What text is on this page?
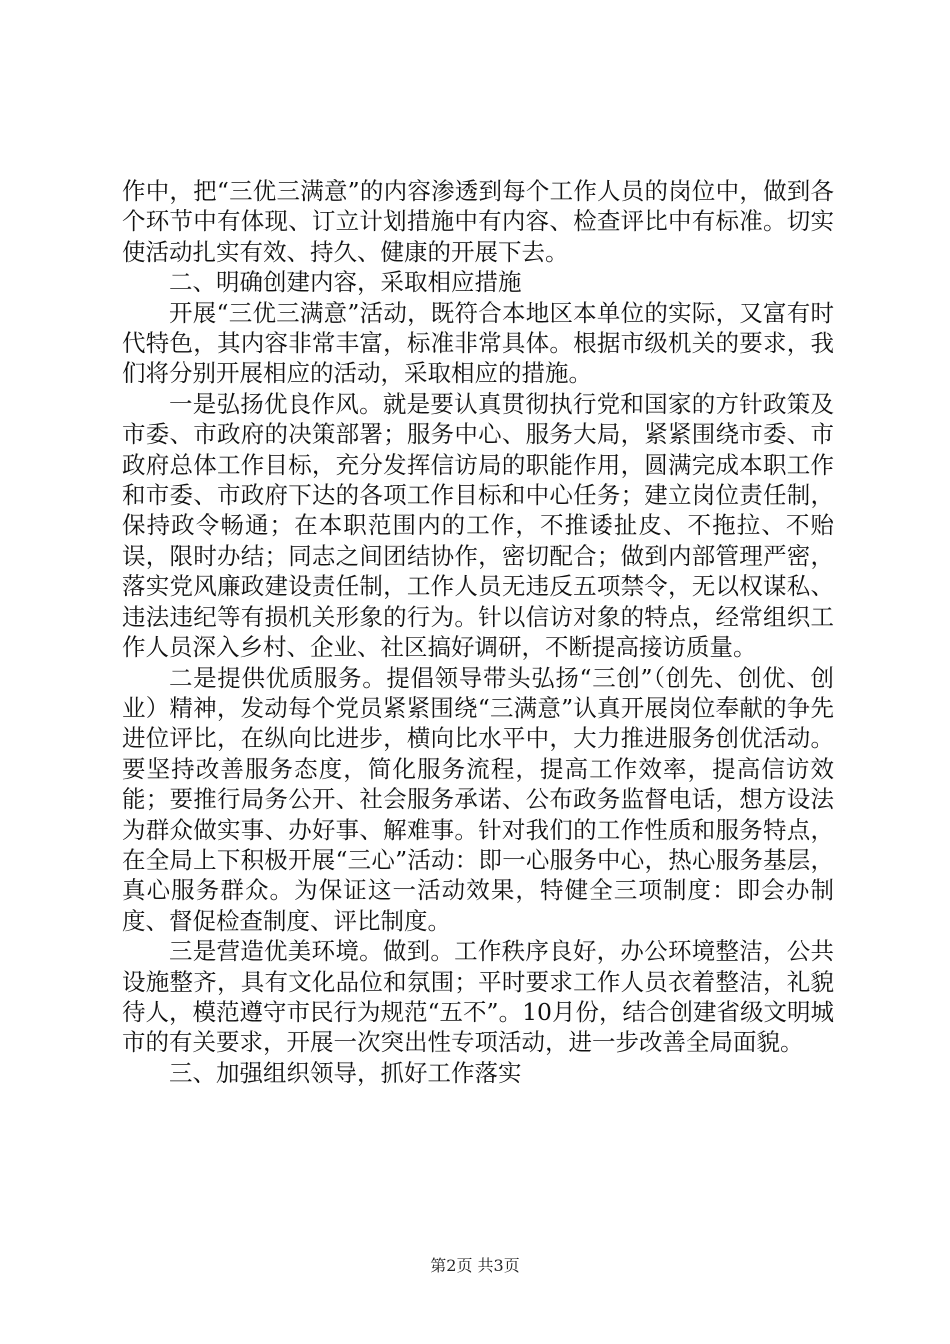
作中，把“三优三满意”的内容渗透到每个工作人员的岗位中，做到各个环节中有体现、订立计划措施中有内容、检查评比中有标准。切实使活动扎实有效、持久、健康的开展下去。

二、明确创建内容，采取相应措施

开展“三优三满意”活动，既符合本地区本单位的实际，又富有时代特色，其内容非常丰富，标准非常具体。根据市级机关的要求，我们将分别开展相应的活动，采取相应的措施。

一是弘扬优良作风。就是要认真贯彻执行党和国家的方针政策及市委、市政府的决策部署；服务中心、服务大局，紧紧围绕市委、市政府总体工作目标，充分发挥信访局的职能作用，圆满完成本职工作和市委、市政府下达的各项工作目标和中心任务；建立岗位责任制，保持政令畅通；在本职范围内的工作，不推诿扯皮、不拖拉、不贻误，限时办结；同志之间团结协作，密切配合；做到内部管理严密，落实党风廉政建设责任制，工作人员无违反五项禁令，无以权谋私、违法违纪等有损机关形象的行为。针以信访对象的特点，经常组织工作人员深入乡村、企业、社区搞好调研，不断提高接访质量。

二是提供优质服务。提倡领导带头弘扬“三创”（创先、创优、创业）精神，发动每个党员紧紧围绕“三满意”认真开展岗位奉献的争先进位评比，在纵向比进步，横向比水平中，大力推进服务创优活动。要坚持改善服务态度，简化服务流程，提高工作效率，提高信访效能；要推行局务公开、社会服务承诺、公布政务监督电话，想方设法为群众做实事、办好事、解难事。针对我们的工作性质和服务特点，在全局上下积极开展“三心”活动：即一心服务中心，热心服务基层，真心服务群众。为保证这一活动效果，特健全三项制度：即会办制度、督促检查制度、评比制度。

三是营造优美环境。做到。工作秩序良好，办公环境整洁，公共设施整齐，具有文化品位和氛围；平时要求工作人员衣着整洁，礼貌待人，模范遵守市民行为规范“五不”。10月份，结合创建省级文明城市的有关要求，开展一次突出性专项活动，进一步改善全局面貌。

三、加强组织领导，抓好工作落实

第2页 共3页
